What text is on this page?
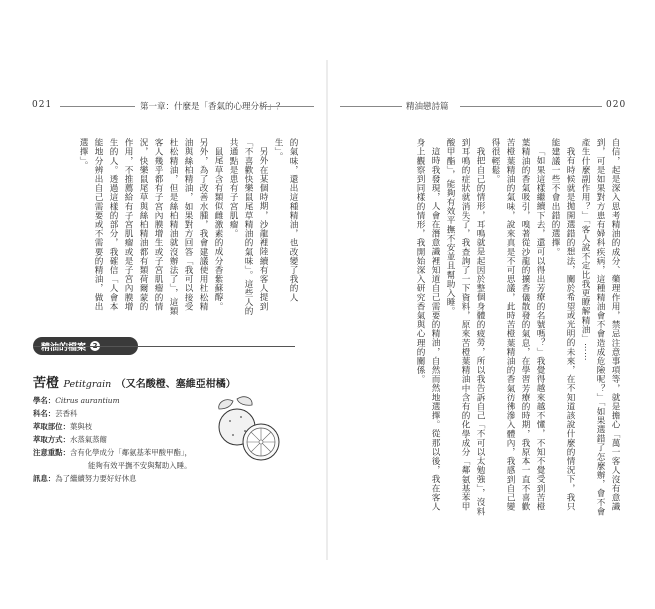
021	第一章：什麼是「香氣的心理分析」？	精油戀詩篇	020

的氣味，還出這種精油，也改變了我的人生」。

另外在某個時期，沙龍裡陸續有客人提到「不喜歡快樂鼠尾草精油的氣味」。這些人的共通點是患有子宮肌瘤。

鼠尾草含有類似雌激素的成分香紫蘇醇。另外，為了改善水腫，我會建議使用杜松精油與絲柏精油，如果對方回答「我可以接受杜松精油，但是絲柏精油就沒辦法了」，這類客人幾乎都有子宮內膜增生或子宮肌瘤的情況，快樂鼠尾草與絲柏精油都有類荷爾蒙的作用，不推薦給有子宮肌瘤或是子宮內膜增生的人。透過這樣的部分，我確信「人會本能地分辨出自己需要或不需要的精油，做出選擇」。

精油的檔案 2
苦橙 Petitgrain （又名酸橙、塞維亞柑橘）
學名：Citrus aurantium
科名：芸香科
萃取部位：葉與枝
萃取方式：水蒸氣蒸餾
注意重點：含有化學成分「鄰氨基苯甲酸甲酯」，
能夠有效平撫不安與幫助入睡。
訊息：為了繼續努力要好好休息	自信，起是深入思考精油的成分、藥理作用，禁忌注意事項等，就是擔心「萬一客人沒有意識到，可是如果對方患有婦科疾病，這種精油會不會造成危險呢？」「如果選錯了怎麼辦，會不會產生什麼副作用？」「客人說不定比我更瞭解精油」⋯⋯

我有時候就是拋開選錯的想法，關於希望或光明的未來，在不知道該說什麼的情況下，我只能建議一些不會出錯的選擇。

「如果這樣繼續下去，還可以得出芳療的名號嗎？」我覺得越來越不懂，不知不覺受到苦橙葉精油的香氣吸引，嗅著從沙龍的擴香儀散發的氣息，在學習芳療的時期，我原本一直不喜歡苦橙葉精油的氣味，說來真是不可思議，此時苦橙葉精油的香氣彷彿滲入體內，我感到自己變得很輕鬆。

我把自己的情形，耳鳴就是起因於整個身體的疲勞，所以我告訴自己「不可以太勉強」，沒料到耳鳴的症狀就消失了，我查詢了一下資料，原來苦橙葉精油中含有的化學成分「鄰氨基苯甲酸甲酯」，能夠有效平撫不安並且幫助入睡。

這時我發現，人會在潛意識裡知道自己需要的精油，自然而然地選擇。從那以後，我在客人身上觀察到同樣的情形，我開始深入研究香氣與心理的關係。
